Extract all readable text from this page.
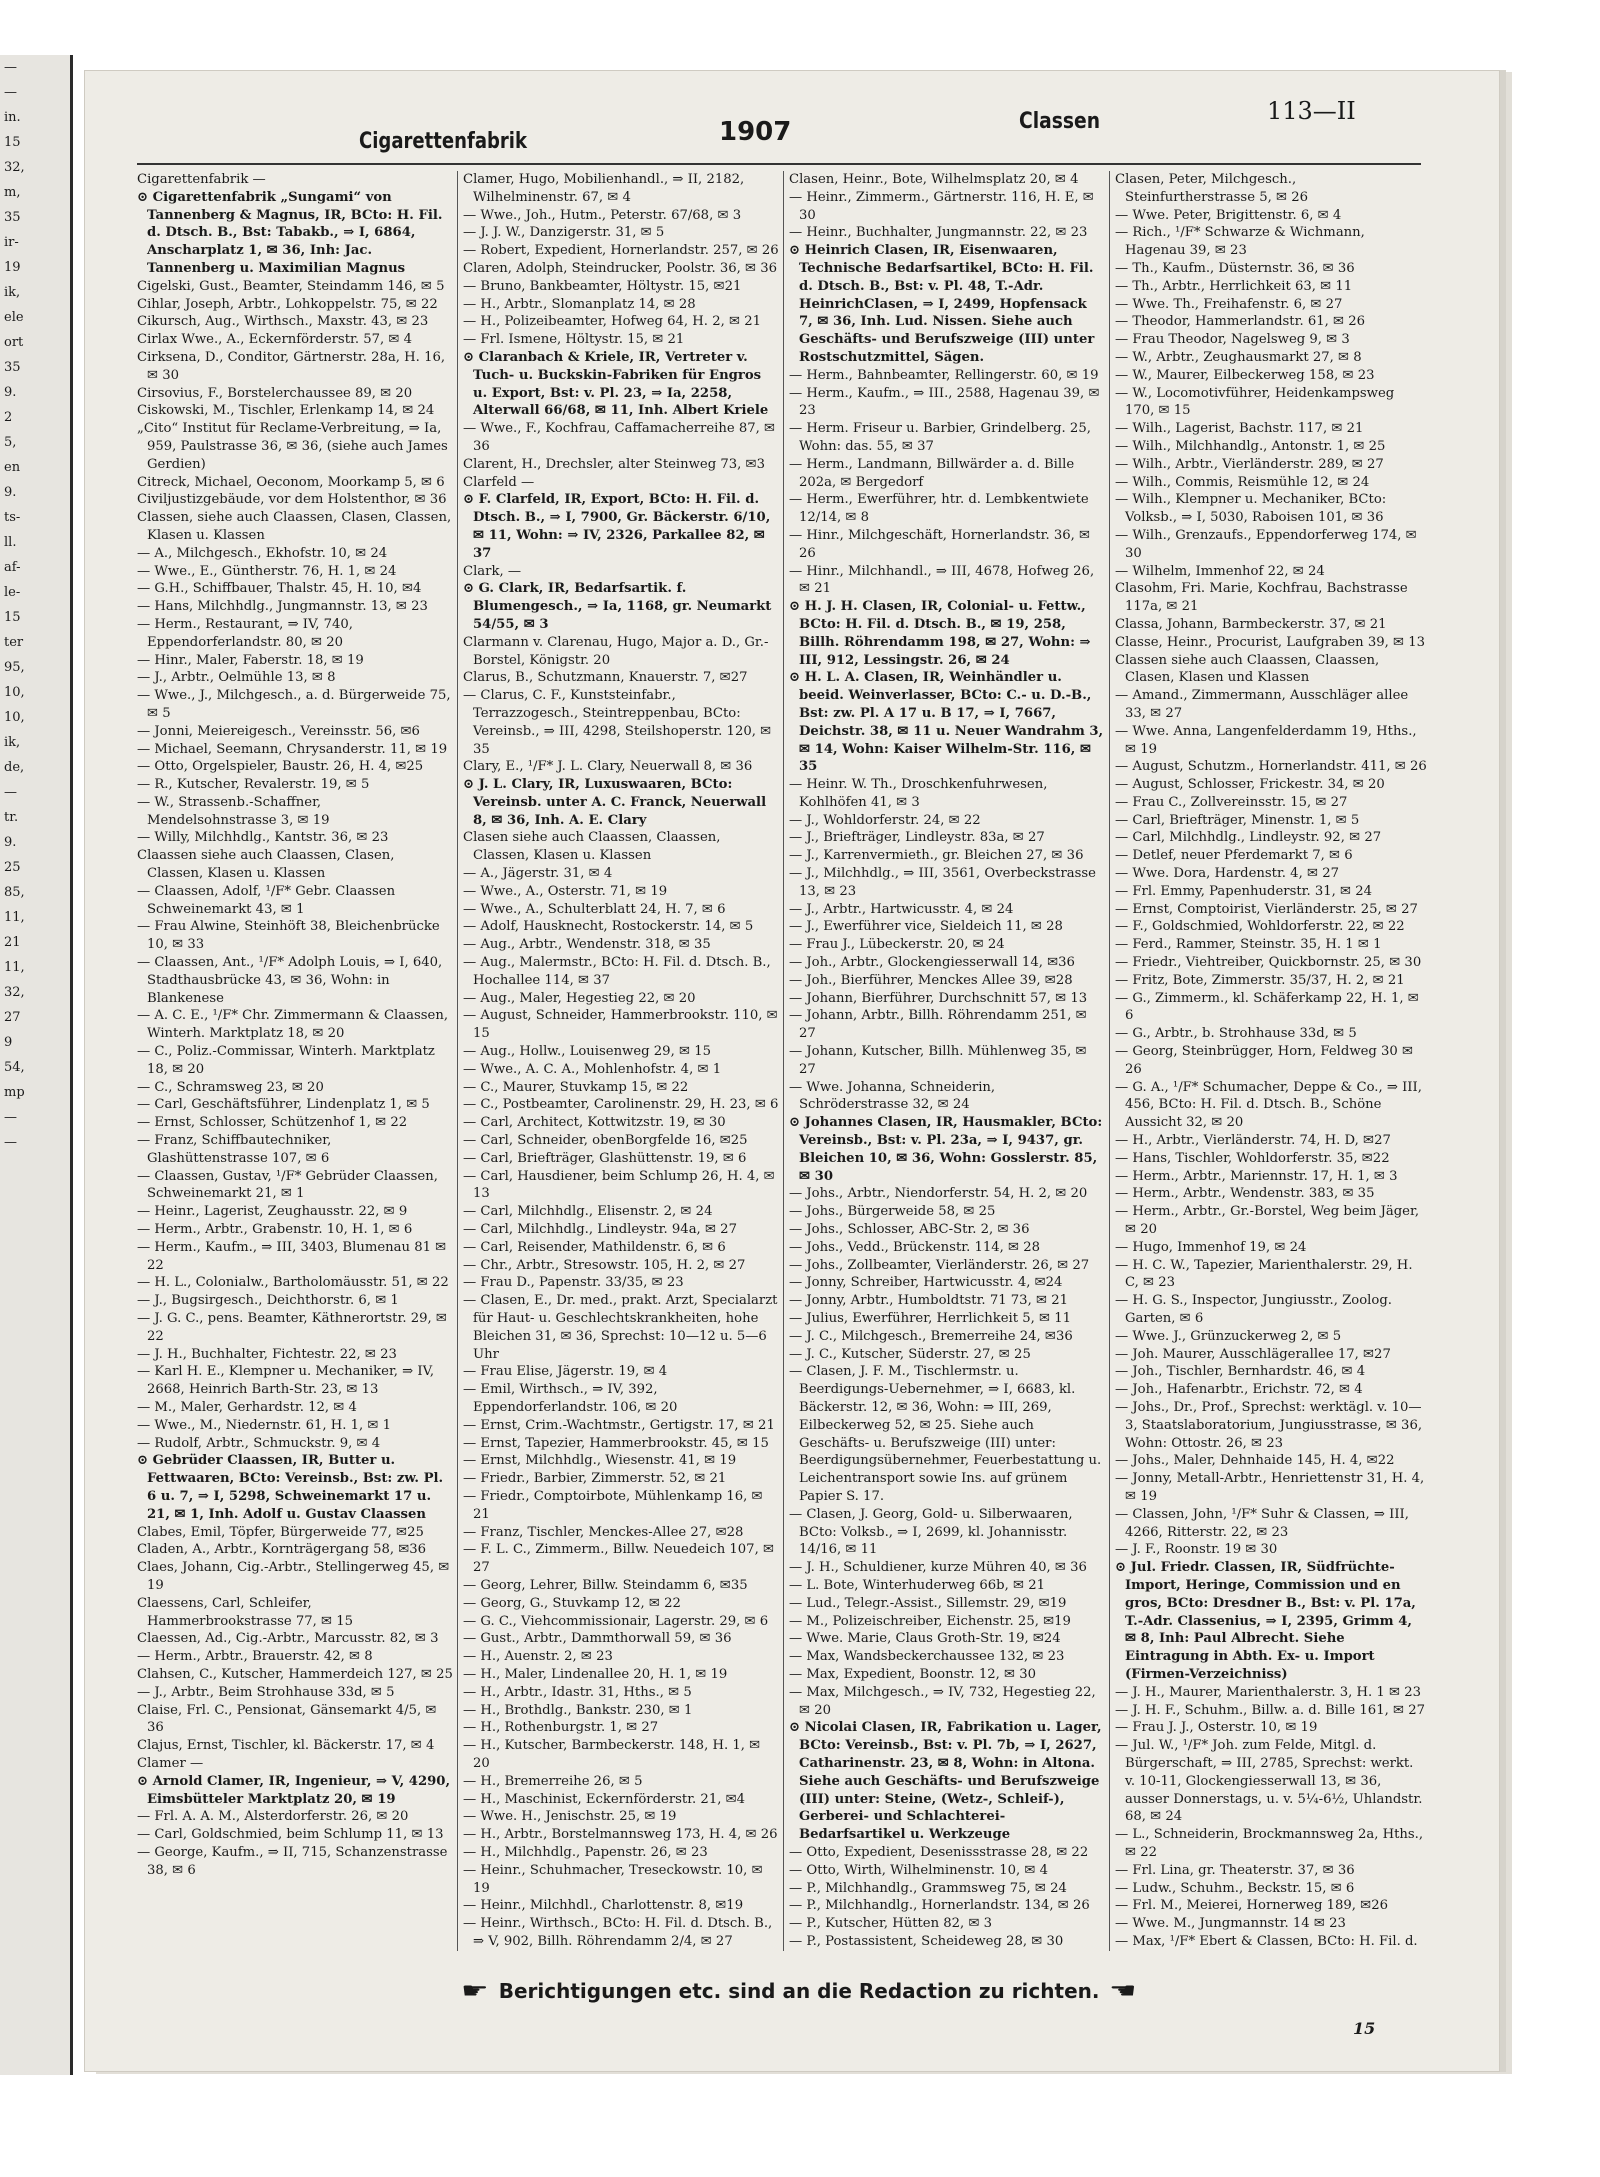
—
—
in.
15
32,
m,
35
ir-
19
ik,
ele
ort
35
9.
2
5,
en
9.
ts-
ll.
af-
le-
15
ter
95,
10,
10,
ik,
de,
—
tr.
9.
25
85,
11,
21
11,
32,
27
9
54,
mp
—
—
Cigarettenfabrik	1907	Classen	113—II

Cigarettenfabrik —

⊙ Cigarettenfabrik „Sungami“ von Tannenberg & Magnus, IR, BCto: H. Fil. d. Dtsch. B., Bst: Tabakb., ⇒ I, 6864, Anscharplatz 1, ✉ 36, Inh: Jac. Tannenberg u. Maximilian Magnus

Cigelski, Gust., Beamter, Steindamm 146, ✉ 5

Cihlar, Joseph, Arbtr., Lohkoppelstr. 75, ✉ 22

Cikursch, Aug., Wirthsch., Maxstr. 43, ✉ 23

Cirlax Wwe., A., Eckernförderstr. 57, ✉ 4

Cirksena, D., Conditor, Gärtnerstr. 28a, H. 16, ✉ 30

Cirsovius, F., Borstelerchaussee 89, ✉ 20

Ciskowski, M., Tischler, Erlenkamp 14, ✉ 24

„Cito“ Institut für Reclame-Verbreitung, ⇒ Ia, 959, Paulstrasse 36, ✉ 36, (siehe auch James Gerdien)

Citreck, Michael, Oeconom, Moorkamp 5, ✉ 6

Civiljustizgebäude, vor dem Holstenthor, ✉ 36

Classen, siehe auch Claassen, Clasen, Classen, Klasen u. Klassen

— A., Milchgesch., Ekhofstr. 10, ✉ 24

— Wwe., E., Güntherstr. 76, H. 1, ✉ 24

— G.H., Schiffbauer, Thalstr. 45, H. 10, ✉4

— Hans, Milchhdlg., Jungmannstr. 13, ✉ 23

— Herm., Restaurant, ⇒ IV, 740, Eppendorferlandstr. 80, ✉ 20

— Hinr., Maler, Faberstr. 18, ✉ 19

— J., Arbtr., Oelmühle 13, ✉ 8

— Wwe., J., Milchgesch., a. d. Bürgerweide 75, ✉ 5

— Jonni, Meiereigesch., Vereinsstr. 56, ✉6

— Michael, Seemann, Chrysanderstr. 11, ✉ 19

— Otto, Orgelspieler, Baustr. 26, H. 4, ✉25

— R., Kutscher, Revalerstr. 19, ✉ 5

— W., Strassenb.-Schaffner, Mendelsohnstrasse 3, ✉ 19

— Willy, Milchhdlg., Kantstr. 36, ✉ 23

Claassen siehe auch Claassen, Clasen, Classen, Klasen u. Klassen

— Claassen, Adolf, ¹/F* Gebr. Claassen Schweinemarkt 43, ✉ 1

— Frau Alwine, Steinhöft 38, Bleichenbrücke 10, ✉ 33

— Claassen, Ant., ¹/F* Adolph Louis, ⇒ I, 640, Stadthausbrücke 43, ✉ 36, Wohn: in Blankenese

— A. C. E., ¹/F* Chr. Zimmermann & Claassen, Winterh. Marktplatz 18, ✉ 20

— C., Poliz.-Commissar, Winterh. Marktplatz 18, ✉ 20

— C., Schramsweg 23, ✉ 20

— Carl, Geschäftsführer, Lindenplatz 1, ✉ 5

— Ernst, Schlosser, Schützenhof 1, ✉ 22

— Franz, Schiffbautechniker, Glashüttenstrasse 107, ✉ 6

— Claassen, Gustav, ¹/F* Gebrüder Claassen, Schweinemarkt 21, ✉ 1

— Heinr., Lagerist, Zeughausstr. 22, ✉ 9

— Herm., Arbtr., Grabenstr. 10, H. 1, ✉ 6

— Herm., Kaufm., ⇒ III, 3403, Blumenau 81 ✉ 22

— H. L., Colonialw., Bartholomäusstr. 51, ✉ 22

— J., Bugsirgesch., Deichthorstr. 6, ✉ 1

— J. G. C., pens. Beamter, Käthnerortstr. 29, ✉ 22

— J. H., Buchhalter, Fichtestr. 22, ✉ 23

— Karl H. E., Klempner u. Mechaniker, ⇒ IV, 2668, Heinrich Barth-Str. 23, ✉ 13

— M., Maler, Gerhardstr. 12, ✉ 4

— Wwe., M., Niedernstr. 61, H. 1, ✉ 1

— Rudolf, Arbtr., Schmuckstr. 9, ✉ 4

⊙ Gebrüder Claassen, IR, Butter u. Fettwaaren, BCto: Vereinsb., Bst: zw. Pl. 6 u. 7, ⇒ I, 5298, Schweinemarkt 17 u. 21, ✉ 1, Inh. Adolf u. Gustav Claassen

Clabes, Emil, Töpfer, Bürgerweide 77, ✉25

Claden, A., Arbtr., Kornträgergang 58, ✉36

Claes, Johann, Cig.-Arbtr., Stellingerweg 45, ✉ 19

Claessens, Carl, Schleifer, Hammerbrookstrasse 77, ✉ 15

Claessen, Ad., Cig.-Arbtr., Marcusstr. 82, ✉ 3

— Herm., Arbtr., Brauerstr. 42, ✉ 8

Clahsen, C., Kutscher, Hammerdeich 127, ✉ 25

— J., Arbtr., Beim Strohhause 33d, ✉ 5

Claise, Frl. C., Pensionat, Gänsemarkt 4/5, ✉ 36

Clajus, Ernst, Tischler, kl. Bäckerstr. 17, ✉ 4

Clamer —

⊙ Arnold Clamer, IR, Ingenieur, ⇒ V, 4290, Eimsbütteler Marktplatz 20, ✉ 19

— Frl. A. A. M., Alsterdorferstr. 26, ✉ 20

— Carl, Goldschmied, beim Schlump 11, ✉ 13

— George, Kaufm., ⇒ II, 715, Schanzenstrasse 38, ✉ 6

Clamer, Hugo, Mobilienhandl., ⇒ II, 2182, Wilhelminenstr. 67, ✉ 4

— Wwe., Joh., Hutm., Peterstr. 67/68, ✉ 3

— J. J. W., Danzigerstr. 31, ✉ 5

— Robert, Expedient, Hornerlandstr. 257, ✉ 26

Claren, Adolph, Steindrucker, Poolstr. 36, ✉ 36

— Bruno, Bankbeamter, Höltystr. 15, ✉21

— H., Arbtr., Slomanplatz 14, ✉ 28

— H., Polizeibeamter, Hofweg 64, H. 2, ✉ 21

— Frl. Ismene, Höltystr. 15, ✉ 21

⊙ Claranbach & Kriele, IR, Vertreter v. Tuch- u. Buckskin-Fabriken für Engros u. Export, Bst: v. Pl. 23, ⇒ Ia, 2258, Alterwall 66/68, ✉ 11, Inh. Albert Kriele

— Wwe., F., Kochfrau, Caffamacherreihe 87, ✉ 36

Clarent, H., Drechsler, alter Steinweg 73, ✉3

Clarfeld —

⊙ F. Clarfeld, IR, Export, BCto: H. Fil. d. Dtsch. B., ⇒ I, 7900, Gr. Bäckerstr. 6/10, ✉ 11, Wohn: ⇒ IV, 2326, Parkallee 82, ✉ 37

Clark, —

⊙ G. Clark, IR, Bedarfsartik. f. Blumengesch., ⇒ Ia, 1168, gr. Neumarkt 54/55, ✉ 3

Clarmann v. Clarenau, Hugo, Major a. D., Gr.-Borstel, Königstr. 20

Clarus, B., Schutzmann, Knauerstr. 7, ✉27

— Clarus, C. F., Kunststeinfabr., Terrazzogesch., Steintreppenbau, BCto: Vereinsb., ⇒ III, 4298, Steilshoperstr. 120, ✉ 35

Clary, E., ¹/F* J. L. Clary, Neuerwall 8, ✉ 36

⊙ J. L. Clary, IR, Luxuswaaren, BCto: Vereinsb. unter A. C. Franck, Neuerwall 8, ✉ 36, Inh. A. E. Clary

Clasen siehe auch Claassen, Claassen, Classen, Klasen u. Klassen

— A., Jägerstr. 31, ✉ 4

— Wwe., A., Osterstr. 71, ✉ 19

— Wwe., A., Schulterblatt 24, H. 7, ✉ 6

— Adolf, Hausknecht, Rostockerstr. 14, ✉ 5

— Aug., Arbtr., Wendenstr. 318, ✉ 35

— Aug., Malermstr., BCto: H. Fil. d. Dtsch. B., Hochallee 114, ✉ 37

— Aug., Maler, Hegestieg 22, ✉ 20

— August, Schneider, Hammerbrookstr. 110, ✉ 15

— Aug., Hollw., Louisenweg 29, ✉ 15

— Wwe., A. C. A., Mohlenhofstr. 4, ✉ 1

— C., Maurer, Stuvkamp 15, ✉ 22

— C., Postbeamter, Carolinenstr. 29, H. 23, ✉ 6

— Carl, Architect, Kottwitzstr. 19, ✉ 30

— Carl, Schneider, obenBorgfelde 16, ✉25

— Carl, Briefträger, Glashüttenstr. 19, ✉ 6

— Carl, Hausdiener, beim Schlump 26, H. 4, ✉ 13

— Carl, Milchhdlg., Elisenstr. 2, ✉ 24

— Carl, Milchhdlg., Lindleystr. 94a, ✉ 27

— Carl, Reisender, Mathildenstr. 6, ✉ 6

— Chr., Arbtr., Stresowstr. 105, H. 2, ✉ 27

— Frau D., Papenstr. 33/35, ✉ 23

— Clasen, E., Dr. med., prakt. Arzt, Specialarzt für Haut- u. Geschlechtskrankheiten, hohe Bleichen 31, ✉ 36, Sprechst: 10—12 u. 5—6 Uhr

— Frau Elise, Jägerstr. 19, ✉ 4

— Emil, Wirthsch., ⇒ IV, 392, Eppendorferlandstr. 106, ✉ 20

— Ernst, Crim.-Wachtmstr., Gertigstr. 17, ✉ 21

— Ernst, Tapezier, Hammerbrookstr. 45, ✉ 15

— Ernst, Milchhdlg., Wiesenstr. 41, ✉ 19

— Friedr., Barbier, Zimmerstr. 52, ✉ 21

— Friedr., Comptoirbote, Mühlenkamp 16, ✉ 21

— Franz, Tischler, Menckes-Allee 27, ✉28

— F. L. C., Zimmerm., Billw. Neuedeich 107, ✉ 27

— Georg, Lehrer, Billw. Steindamm 6, ✉35

— Georg, G., Stuvkamp 12, ✉ 22

— G. C., Viehcommissionair, Lagerstr. 29, ✉ 6

— Gust., Arbtr., Dammthorwall 59, ✉ 36

— H., Auenstr. 2, ✉ 23

— H., Maler, Lindenallee 20, H. 1, ✉ 19

— H., Arbtr., Idastr. 31, Hths., ✉ 5

— H., Brothdlg., Bankstr. 230, ✉ 1

— H., Rothenburgstr. 1, ✉ 27

— H., Kutscher, Barmbeckerstr. 148, H. 1, ✉ 20

— H., Bremerreihe 26, ✉ 5

— H., Maschinist, Eckernförderstr. 21, ✉4

— Wwe. H., Jenischstr. 25, ✉ 19

— H., Arbtr., Borstelmannsweg 173, H. 4, ✉ 26

— H., Milchhdlg., Papenstr. 26, ✉ 23

— Heinr., Schuhmacher, Treseckowstr. 10, ✉ 19

— Heinr., Milchhdl., Charlottenstr. 8, ✉19

— Heinr., Wirthsch., BCto: H. Fil. d. Dtsch. B., ⇒ V, 902, Billh. Röhrendamm 2/4, ✉ 27

Clasen, Heinr., Bote, Wilhelmsplatz 20, ✉ 4

— Heinr., Zimmerm., Gärtnerstr. 116, H. E, ✉ 30

— Heinr., Buchhalter, Jungmannstr. 22, ✉ 23

⊙ Heinrich Clasen, IR, Eisenwaaren, Technische Bedarfsartikel, BCto: H. Fil. d. Dtsch. B., Bst: v. Pl. 48, T.-Adr. HeinrichClasen, ⇒ I, 2499, Hopfensack 7, ✉ 36, Inh. Lud. Nissen. Siehe auch Geschäfts- und Berufszweige (III) unter Rostschutzmittel, Sägen.

— Herm., Bahnbeamter, Rellingerstr. 60, ✉ 19

— Herm., Kaufm., ⇒ III., 2588, Hagenau 39, ✉ 23

— Herm. Friseur u. Barbier, Grindelberg. 25, Wohn: das. 55, ✉ 37

— Herm., Landmann, Billwärder a. d. Bille 202a, ✉ Bergedorf

— Herm., Ewerführer, htr. d. Lembkentwiete 12/14, ✉ 8

— Hinr., Milchgeschäft, Hornerlandstr. 36, ✉ 26

— Hinr., Milchhandl., ⇒ III, 4678, Hofweg 26, ✉ 21

⊙ H. J. H. Clasen, IR, Colonial- u. Fettw., BCto: H. Fil. d. Dtsch. B., ✉ 19, 258, Billh. Röhrendamm 198, ✉ 27, Wohn: ⇒ III, 912, Lessingstr. 26, ✉ 24

⊙ H. L. A. Clasen, IR, Weinhändler u. beeid. Weinverlasser, BCto: C.- u. D.-B., Bst: zw. Pl. A 17 u. B 17, ⇒ I, 7667, Deichstr. 38, ✉ 11 u. Neuer Wandrahm 3, ✉ 14, Wohn: Kaiser Wilhelm-Str. 116, ✉ 35

— Heinr. W. Th., Droschkenfuhrwesen, Kohlhöfen 41, ✉ 3

— J., Wohldorferstr. 24, ✉ 22

— J., Briefträger, Lindleystr. 83a, ✉ 27

— J., Karrenvermieth., gr. Bleichen 27, ✉ 36

— J., Milchhdlg., ⇒ III, 3561, Overbeckstrasse 13, ✉ 23

— J., Arbtr., Hartwicusstr. 4, ✉ 24

— J., Ewerführer vice, Sieldeich 11, ✉ 28

— Frau J., Lübeckerstr. 20, ✉ 24

— Joh., Arbtr., Glockengiesserwall 14, ✉36

— Joh., Bierführer, Menckes Allee 39, ✉28

— Johann, Bierführer, Durchschnitt 57, ✉ 13

— Johann, Arbtr., Billh. Röhrendamm 251, ✉ 27

— Johann, Kutscher, Billh. Mühlenweg 35, ✉ 27

— Wwe. Johanna, Schneiderin, Schröderstrasse 32, ✉ 24

⊙ Johannes Clasen, IR, Hausmakler, BCto: Vereinsb., Bst: v. Pl. 23a, ⇒ I, 9437, gr. Bleichen 10, ✉ 36, Wohn: Gosslerstr. 85, ✉ 30

— Johs., Arbtr., Niendorferstr. 54, H. 2, ✉ 20

— Johs., Bürgerweide 58, ✉ 25

— Johs., Schlosser, ABC-Str. 2, ✉ 36

— Johs., Vedd., Brückenstr. 114, ✉ 28

— Johs., Zollbeamter, Vierländerstr. 26, ✉ 27

— Jonny, Schreiber, Hartwicusstr. 4, ✉24

— Jonny, Arbtr., Humboldtstr. 71 73, ✉ 21

— Julius, Ewerführer, Herrlichkeit 5, ✉ 11

— J. C., Milchgesch., Bremerreihe 24, ✉36

— J. C., Kutscher, Süderstr. 27, ✉ 25

— Clasen, J. F. M., Tischlermstr. u. Beerdigungs-Uebernehmer, ⇒ I, 6683, kl. Bäckerstr. 12, ✉ 36, Wohn: ⇒ III, 269, Eilbeckerweg 52, ✉ 25. Siehe auch Geschäfts- u. Berufszweige (III) unter: Beerdigungsübernehmer, Feuerbestattung u. Leichentransport sowie Ins. auf grünem Papier S. 17.

— Clasen, J. Georg, Gold- u. Silberwaaren, BCto: Volksb., ⇒ I, 2699, kl. Johannisstr. 14/16, ✉ 11

— J. H., Schuldiener, kurze Mühren 40, ✉ 36

— L. Bote, Winterhuderweg 66b, ✉ 21

— Lud., Telegr.-Assist., Sillemstr. 29, ✉19

— M., Polizeischreiber, Eichenstr. 25, ✉19

— Wwe. Marie, Claus Groth-Str. 19, ✉24

— Max, Wandsbeckerchaussee 132, ✉ 23

— Max, Expedient, Boonstr. 12, ✉ 30

— Max, Milchgesch., ⇒ IV, 732, Hegestieg 22, ✉ 20

⊙ Nicolai Clasen, IR, Fabrikation u. Lager, BCto: Vereinsb., Bst: v. Pl. 7b, ⇒ I, 2627, Catharinenstr. 23, ✉ 8, Wohn: in Altona. Siehe auch Geschäfts- und Berufszweige (III) unter: Steine, (Wetz-, Schleif-), Gerberei- und Schlachterei-Bedarfsartikel u. Werkzeuge

— Otto, Expedient, Desenissstrasse 28, ✉ 22

— Otto, Wirth, Wilhelminenstr. 10, ✉ 4

— P., Milchhandlg., Grammsweg 75, ✉ 24

— P., Milchhandlg., Hornerlandstr. 134, ✉ 26

— P., Kutscher, Hütten 82, ✉ 3

— P., Postassistent, Scheideweg 28, ✉ 30

Clasen, Peter, Milchgesch., Steinfurtherstrasse 5, ✉ 26

— Wwe. Peter, Brigittenstr. 6, ✉ 4

— Rich., ¹/F* Schwarze & Wichmann, Hagenau 39, ✉ 23

— Th., Kaufm., Düsternstr. 36, ✉ 36

— Th., Arbtr., Herrlichkeit 63, ✉ 11

— Wwe. Th., Freihafenstr. 6, ✉ 27

— Theodor, Hammerlandstr. 61, ✉ 26

— Frau Theodor, Nagelsweg 9, ✉ 3

— W., Arbtr., Zeughausmarkt 27, ✉ 8

— W., Maurer, Eilbeckerweg 158, ✉ 23

— W., Locomotivführer, Heidenkampsweg 170, ✉ 15

— Wilh., Lagerist, Bachstr. 117, ✉ 21

— Wilh., Milchhandlg., Antonstr. 1, ✉ 25

— Wilh., Arbtr., Vierländerstr. 289, ✉ 27

— Wilh., Commis, Reismühle 12, ✉ 24

— Wilh., Klempner u. Mechaniker, BCto: Volksb., ⇒ I, 5030, Raboisen 101, ✉ 36

— Wilh., Grenzaufs., Eppendorferweg 174, ✉ 30

— Wilhelm, Immenhof 22, ✉ 24

Clasohm, Fri. Marie, Kochfrau, Bachstrasse 117a, ✉ 21

Classa, Johann, Barmbeckerstr. 37, ✉ 21

Classe, Heinr., Procurist, Laufgraben 39, ✉ 13

Classen siehe auch Claassen, Claassen, Clasen, Klasen und Klassen

— Amand., Zimmermann, Ausschläger allee 33, ✉ 27

— Wwe. Anna, Langenfelderdamm 19, Hths., ✉ 19

— August, Schutzm., Hornerlandstr. 411, ✉ 26

— August, Schlosser, Frickestr. 34, ✉ 20

— Frau C., Zollvereinsstr. 15, ✉ 27

— Carl, Briefträger, Minenstr. 1, ✉ 5

— Carl, Milchhdlg., Lindleystr. 92, ✉ 27

— Detlef, neuer Pferdemarkt 7, ✉ 6

— Wwe. Dora, Hardenstr. 4, ✉ 27

— Frl. Emmy, Papenhuderstr. 31, ✉ 24

— Ernst, Comptoirist, Vierländerstr. 25, ✉ 27

— F., Goldschmied, Wohldorferstr. 22, ✉ 22

— Ferd., Rammer, Steinstr. 35, H. 1 ✉ 1

— Friedr., Viehtreiber, Quickbornstr. 25, ✉ 30

— Fritz, Bote, Zimmerstr. 35/37, H. 2, ✉ 21

— G., Zimmerm., kl. Schäferkamp 22, H. 1, ✉ 6

— G., Arbtr., b. Strohhause 33d, ✉ 5

— Georg, Steinbrügger, Horn, Feldweg 30 ✉ 26

— G. A., ¹/F* Schumacher, Deppe & Co., ⇒ III, 456, BCto: H. Fil. d. Dtsch. B., Schöne Aussicht 32, ✉ 20

— H., Arbtr., Vierländerstr. 74, H. D, ✉27

— Hans, Tischler, Wohldorferstr. 35, ✉22

— Herm., Arbtr., Mariennstr. 17, H. 1, ✉ 3

— Herm., Arbtr., Wendenstr. 383, ✉ 35

— Herm., Arbtr., Gr.-Borstel, Weg beim Jäger, ✉ 20

— Hugo, Immenhof 19, ✉ 24

— H. C. W., Tapezier, Marienthalerstr. 29, H. C, ✉ 23

— H. G. S., Inspector, Jungiusstr., Zoolog. Garten, ✉ 6

— Wwe. J., Grünzuckerweg 2, ✉ 5

— Joh. Maurer, Ausschlägerallee 17, ✉27

— Joh., Tischler, Bernhardstr. 46, ✉ 4

— Joh., Hafenarbtr., Erichstr. 72, ✉ 4

— Johs., Dr., Prof., Sprechst: werktägl. v. 10—3, Staatslaboratorium, Jungiusstrasse, ✉ 36, Wohn: Ottostr. 26, ✉ 23

— Johs., Maler, Dehnhaide 145, H. 4, ✉22

— Jonny, Metall-Arbtr., Henriettenstr 31, H. 4, ✉ 19

— Classen, John, ¹/F* Suhr & Classen, ⇒ III, 4266, Ritterstr. 22, ✉ 23

— J. F., Roonstr. 19 ✉ 30

⊙ Jul. Friedr. Classen, IR, Südfrüchte-Import, Heringe, Commission und en gros, BCto: Dresdner B., Bst: v. Pl. 17a, T.-Adr. Classenius, ⇒ I, 2395, Grimm 4, ✉ 8, Inh: Paul Albrecht. Siehe Eintragung in Abth. Ex- u. Import (Firmen-Verzeichniss)

— J. H., Maurer, Marienthalerstr. 3, H. 1 ✉ 23

— J. H. F., Schuhm., Billw. a. d. Bille 161, ✉ 27

— Frau J. J., Osterstr. 10, ✉ 19

— Jul. W., ¹/F* Joh. zum Felde, Mitgl. d. Bürgerschaft, ⇒ III, 2785, Sprechst: werkt. v. 10-11, Glockengiesserwall 13, ✉ 36, ausser Donnerstags, u. v. 5¼-6½, Uhlandstr. 68, ✉ 24

— L., Schneiderin, Brockmannsweg 2a, Hths., ✉ 22

— Frl. Lina, gr. Theaterstr. 37, ✉ 36

— Ludw., Schuhm., Beckstr. 15, ✉ 6

— Frl. M., Meierei, Hornerweg 189, ✉26

— Wwe. M., Jungmannstr. 14 ✉ 23

— Max, ¹/F* Ebert & Classen, BCto: H. Fil. d.

☛ Berichtigungen etc. sind an die Redaction zu richten. ☛
15
